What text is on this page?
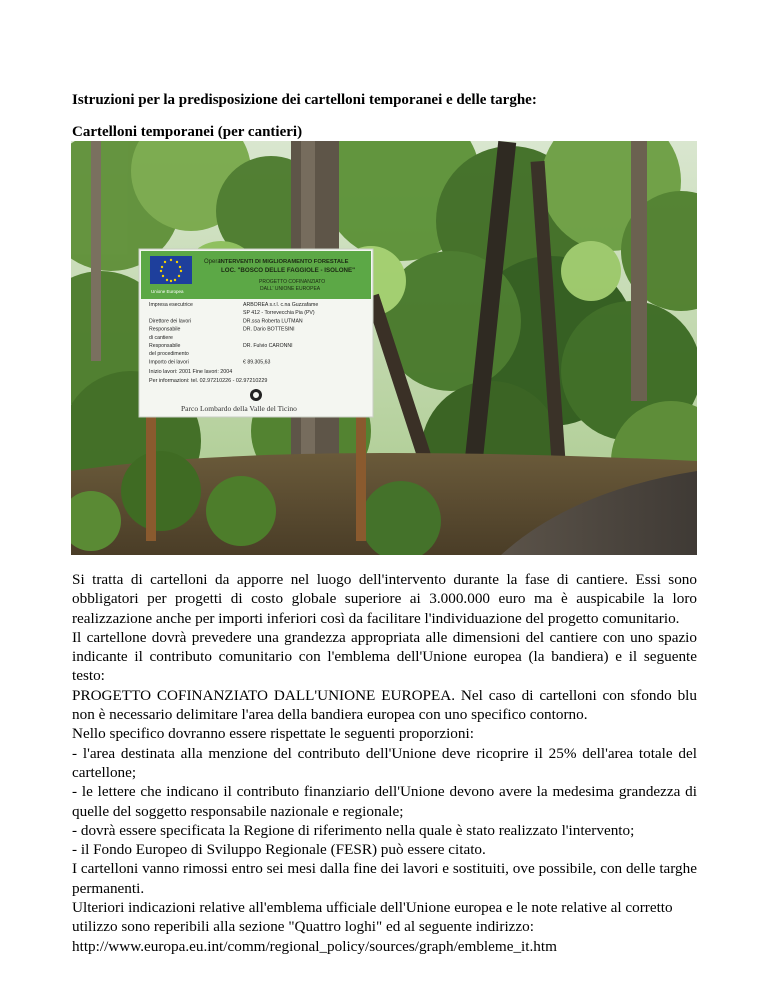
Istruzioni per la predisposizione dei cartelloni temporanei e delle targhe:
Cartelloni temporanei (per cantieri)
Unione Europea
Opera
INTERVENTI DI MIGLIORAMENTO FORESTALE
LOC. "BOSCO DELLE FAGGIOLE - ISOLONE"
PROGETTO COFINANZIATO
DALL' UNIONE EUROPEA
Impresa esecutrice	ARBOREA s.r.l. c.na Guzzafame
SP 412 - Torrevecchia Pia (PV)
Direttore dei lavori	DR.ssa Roberta LUTMAN
Responsabile	DR. Dario BOTTESINI
di cantiere
Responsabile	DR. Fulvio CARONNI
del procedimento
Importo dei lavori	€ 89.305,63
Inizio lavori: 2001 Fine lavori: 2004
Per informazioni: tel. 02.97210226 - 02.97210229
Parco Lombardo della Valle del Ticino

Si tratta di cartelloni da apporre nel luogo dell'intervento durante la fase di cantiere. Essi sono obbligatori per progetti di costo globale superiore ai 3.000.000 euro ma è auspicabile la loro realizzazione anche per importi inferiori così da facilitare l'individuazione del progetto comunitario.

Il cartellone dovrà prevedere una grandezza appropriata alle dimensioni del cantiere con uno spazio indicante il contributo comunitario con l'emblema dell'Unione europea (la bandiera) e il seguente testo:

PROGETTO COFINANZIATO DALL'UNIONE EUROPEA. Nel caso di cartelloni con sfondo blu non è necessario delimitare l'area della bandiera europea con uno specifico contorno.

Nello specifico dovranno essere rispettate le seguenti proporzioni:

- l'area destinata alla menzione del contributo dell'Unione deve ricoprire il 25% dell'area totale del cartellone;

- le lettere che indicano il contributo finanziario dell'Unione devono avere la medesima grandezza di quelle del soggetto responsabile nazionale e regionale;

- dovrà essere specificata la Regione di riferimento nella quale è stato realizzato l'intervento;

- il Fondo Europeo di Sviluppo Regionale (FESR) può essere citato.

I cartelloni vanno rimossi entro sei mesi dalla fine dei lavori e sostituiti, ove possibile, con delle targhe permanenti.

Ulteriori indicazioni relative all'emblema ufficiale dell'Unione europea e le note relative al corretto utilizzo sono reperibili alla sezione "Quattro loghi" ed al seguente indirizzo:

http://www.europa.eu.int/comm/regional_policy/sources/graph/embleme_it.htm
